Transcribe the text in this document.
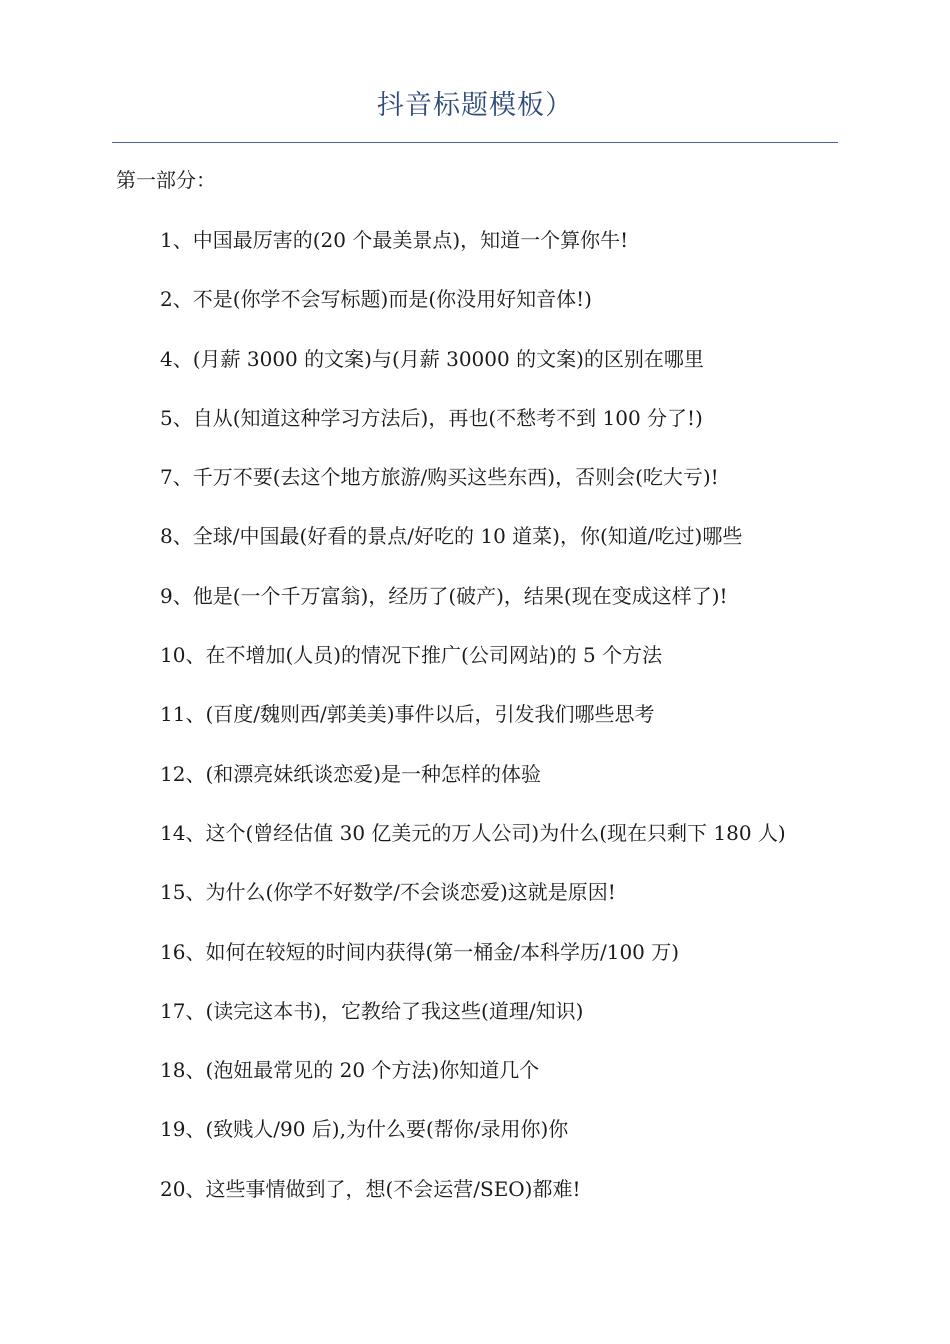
抖音标题模板）
第一部分：
1、中国最厉害的(20 个最美景点)，知道一个算你牛!
2、不是(你学不会写标题)而是(你没用好知音体!)
4、(月薪 3000 的文案)与(月薪 30000 的文案)的区别在哪里
5、自从(知道这种学习方法后)，再也(不愁考不到 100 分了!)
7、千万不要(去这个地方旅游/购买这些东西)，否则会(吃大亏)!
8、全球/中国最(好看的景点/好吃的 10 道菜)，你(知道/吃过)哪些
9、他是(一个千万富翁)，经历了(破产)，结果(现在变成这样了)!
10、在不增加(人员)的情况下推广(公司网站)的 5 个方法
11、(百度/魏则西/郭美美)事件以后，引发我们哪些思考
12、(和漂亮妹纸谈恋爱)是一种怎样的体验
14、这个(曾经估值 30 亿美元的万人公司)为什么(现在只剩下 180 人)
15、为什么(你学不好数学/不会谈恋爱)这就是原因!
16、如何在较短的时间内获得(第一桶金/本科学历/100 万)
17、(读完这本书)，它教给了我这些(道理/知识)
18、(泡妞最常见的 20 个方法)你知道几个
19、(致贱人/90 后),为什么要(帮你/录用你)你
20、这些事情做到了，想(不会运营/SEO)都难!
